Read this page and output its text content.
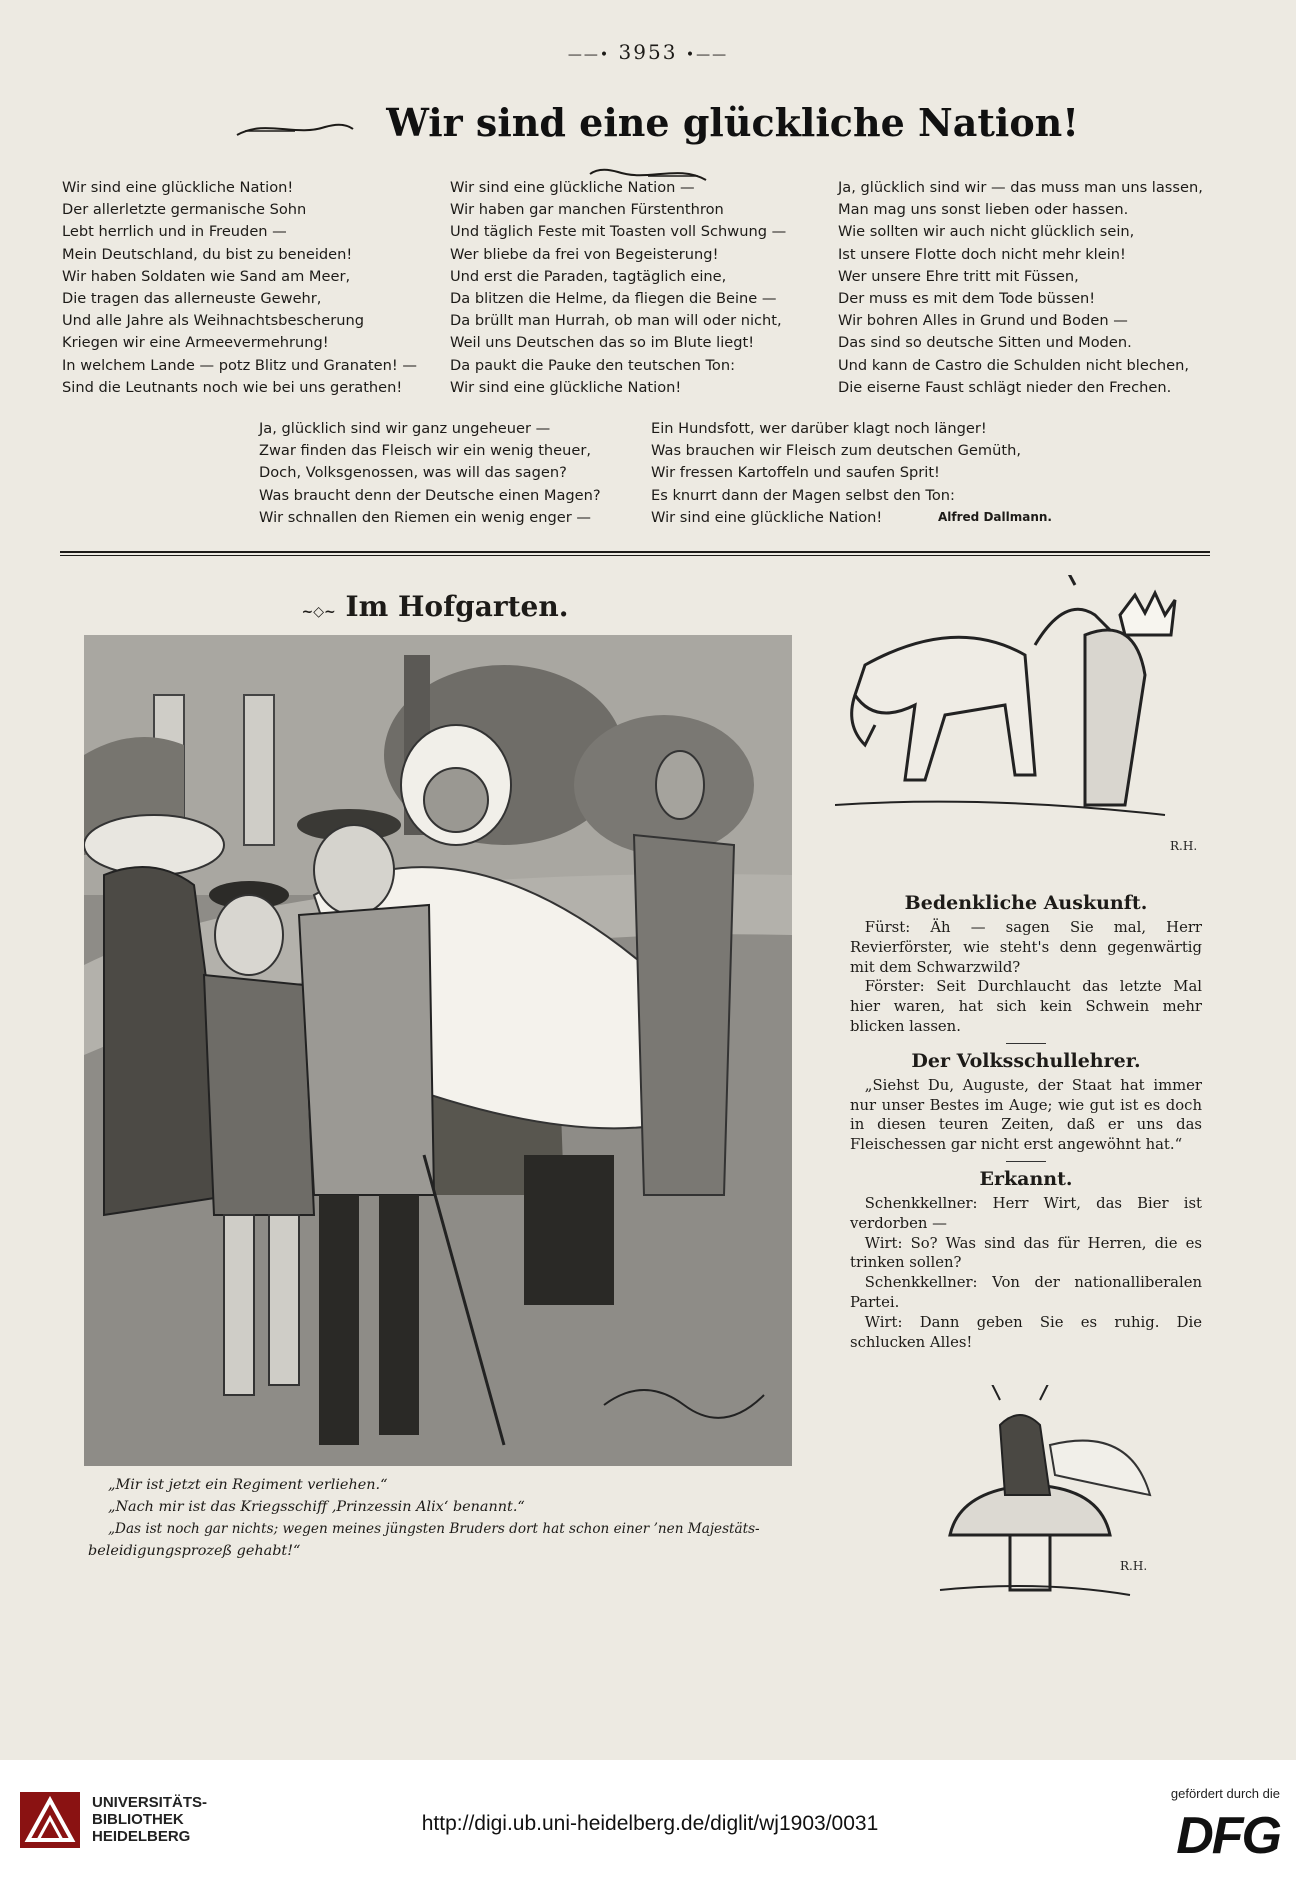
——• 3953 •——
Wir sind eine glückliche Nation!
Wir sind eine glückliche Nation!
Der allerletzte germanische Sohn
Lebt herrlich und in Freuden —
Mein Deutschland, du bist zu beneiden!
Wir haben Soldaten wie Sand am Meer,
Die tragen das allerneuste Gewehr,
Und alle Jahre als Weihnachtsbescherung
Kriegen wir eine Armeevermehrung!
In welchem Lande — potz Blitz und Granaten! —
Sind die Leutnants noch wie bei uns gerathen!
Wir sind eine glückliche Nation —
Wir haben gar manchen Fürstenthron
Und täglich Feste mit Toasten voll Schwung —
Wer bliebe da frei von Begeisterung!
Und erst die Paraden, tagtäglich eine,
Da blitzen die Helme, da fliegen die Beine —
Da brüllt man Hurrah, ob man will oder nicht,
Weil uns Deutschen das so im Blute liegt!
Da paukt die Pauke den teutschen Ton:
Wir sind eine glückliche Nation!
Ja, glücklich sind wir — das muss man uns lassen,
Man mag uns sonst lieben oder hassen.
Wie sollten wir auch nicht glücklich sein,
Ist unsere Flotte doch nicht mehr klein!
Wer unsere Ehre tritt mit Füssen,
Der muss es mit dem Tode büssen!
Wir bohren Alles in Grund und Boden —
Das sind so deutsche Sitten und Moden.
Und kann de Castro die Schulden nicht blechen,
Die eiserne Faust schlägt nieder den Frechen.
Ja, glücklich sind wir ganz ungeheuer —
Zwar finden das Fleisch wir ein wenig theuer,
Doch, Volksgenossen, was will das sagen?
Was braucht denn der Deutsche einen Magen?
Wir schnallen den Riemen ein wenig enger —
Ein Hundsfott, wer darüber klagt noch länger!
Was brauchen wir Fleisch zum deutschen Gemüth,
Wir fressen Kartoffeln und saufen Sprit!
Es knurrt dann der Magen selbst den Ton:
Wir sind eine glückliche Nation!	Alfred Dallmann.
~◇~ Im Hofgarten.
„Mir ist jetzt ein Regiment verliehen.“
„Nach mir ist das Kriegsschiff ‚Prinzessin Alix‘ benannt.“
„Das ist noch gar nichts; wegen meines jüngsten Bruders dort hat schon einer ’nen Majestäts-
beleidigungsprozeß gehabt!“
R.H.
Bedenkliche Auskunft.

Fürst: Äh — sagen Sie mal, Herr Revierförster, wie steht's denn gegenwärtig mit dem Schwarzwild?

Förster: Seit Durchlaucht das letzte Mal hier waren, hat sich kein Schwein mehr blicken lassen.

Der Volksschullehrer.

„Siehst Du, Auguste, der Staat hat immer nur unser Bestes im Auge; wie gut ist es doch in diesen teuren Zeiten, daß er uns das Fleischessen gar nicht erst angewöhnt hat.“

Erkannt.

Schenkkellner: Herr Wirt, das Bier ist verdorben —

Wirt: So? Was sind das für Herren, die es trinken sollen?

Schenkkellner: Von der nationalliberalen Partei.

Wirt: Dann geben Sie es ruhig. Die schlucken Alles!

R.H.
UNIVERSITÄTS-
BIBLIOTHEK
HEIDELBERG
http://digi.ub.uni-heidelberg.de/diglit/wj1903/0031
gefördert durch die
DFG
